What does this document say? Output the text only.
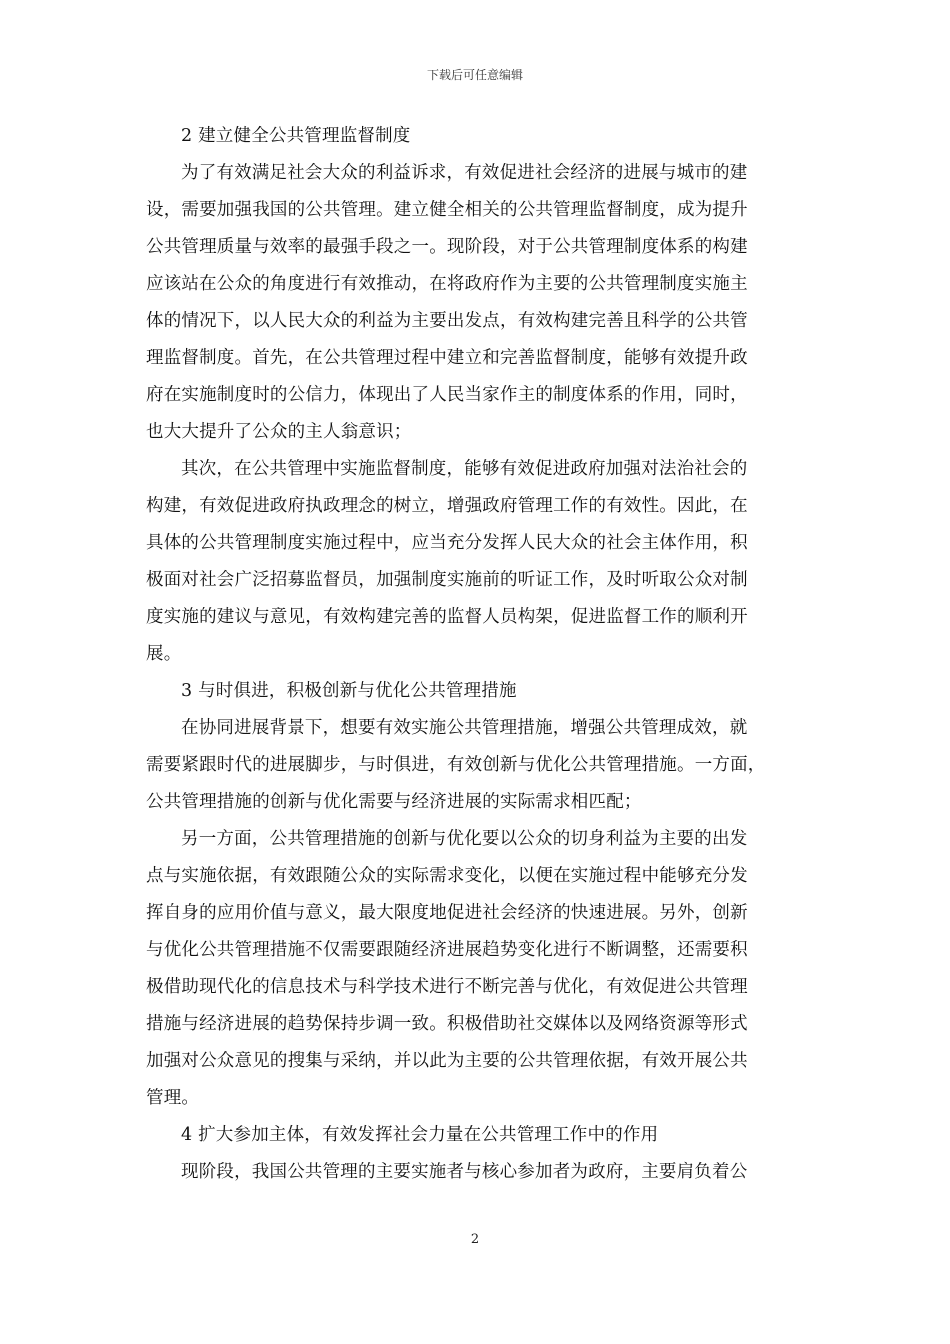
下载后可任意编辑
2 建立健全公共管理监督制度
为了有效满足社会大众的利益诉求，有效促进社会经济的进展与城市的建
设，需要加强我国的公共管理。建立健全相关的公共管理监督制度，成为提升
公共管理质量与效率的最强手段之一。现阶段，对于公共管理制度体系的构建
应该站在公众的角度进行有效推动，在将政府作为主要的公共管理制度实施主
体的情况下，以人民大众的利益为主要出发点，有效构建完善且科学的公共管
理监督制度。首先，在公共管理过程中建立和完善监督制度，能够有效提升政
府在实施制度时的公信力，体现出了人民当家作主的制度体系的作用，同时，
也大大提升了公众的主人翁意识；
其次，在公共管理中实施监督制度，能够有效促进政府加强对法治社会的
构建，有效促进政府执政理念的树立，增强政府管理工作的有效性。因此，在
具体的公共管理制度实施过程中，应当充分发挥人民大众的社会主体作用，积
极面对社会广泛招募监督员，加强制度实施前的听证工作，及时听取公众对制
度实施的建议与意见，有效构建完善的监督人员构架，促进监督工作的顺利开
展。
3 与时俱进，积极创新与优化公共管理措施
在协同进展背景下，想要有效实施公共管理措施，增强公共管理成效，就
需要紧跟时代的进展脚步，与时俱进，有效创新与优化公共管理措施。一方面，
公共管理措施的创新与优化需要与经济进展的实际需求相匹配；
另一方面，公共管理措施的创新与优化要以公众的切身利益为主要的出发
点与实施依据，有效跟随公众的实际需求变化，以便在实施过程中能够充分发
挥自身的应用价值与意义，最大限度地促进社会经济的快速进展。另外，创新
与优化公共管理措施不仅需要跟随经济进展趋势变化进行不断调整，还需要积
极借助现代化的信息技术与科学技术进行不断完善与优化，有效促进公共管理
措施与经济进展的趋势保持步调一致。积极借助社交媒体以及网络资源等形式
加强对公众意见的搜集与采纳，并以此为主要的公共管理依据，有效开展公共
管理。
4 扩大参加主体，有效发挥社会力量在公共管理工作中的作用
现阶段，我国公共管理的主要实施者与核心参加者为政府，主要肩负着公
2
